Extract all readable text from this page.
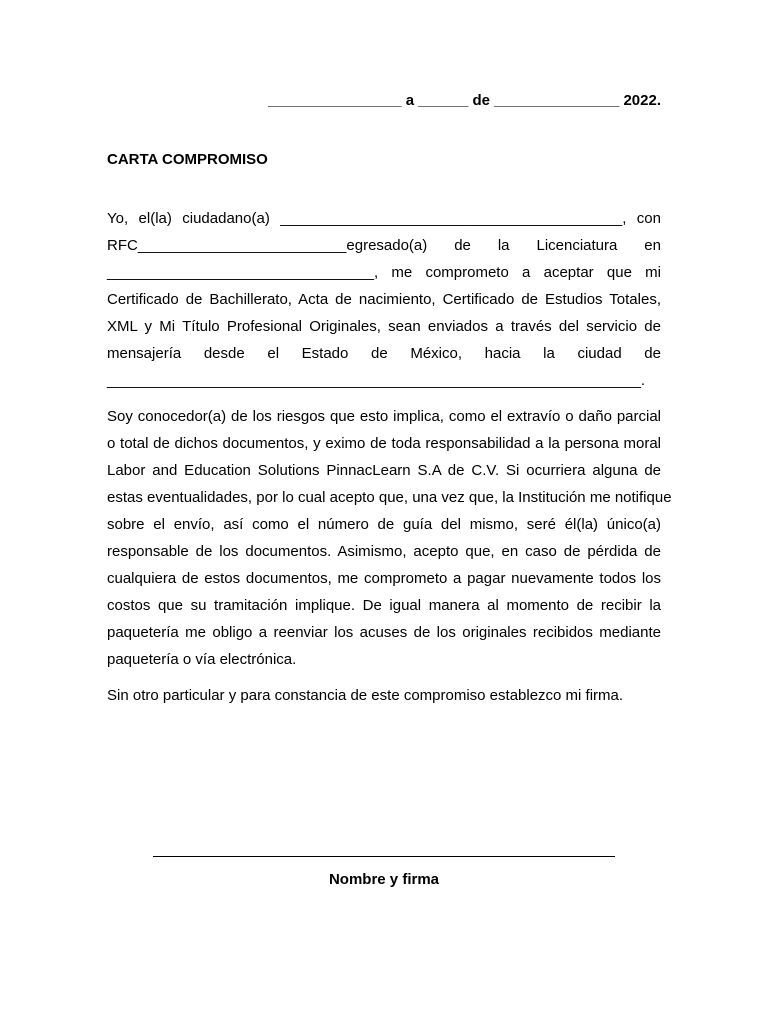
________________ a ______ de _______________ 2022.
CARTA COMPROMISO

Yo, el(la) ciudadano(a) _________________________________________, con
RFC_________________________egresado(a) de la Licenciatura en
________________________________, me comprometo a aceptar que mi
Certificado de Bachillerato, Acta de nacimiento, Certificado de Estudios Totales,
XML y Mi Título Profesional Originales, sean enviados a través del servicio de
mensajería desde el Estado de México, hacia la ciudad de
________________________________________________________________.

Soy conocedor(a) de los riesgos que esto implica, como el extravío o daño parcial
o total de dichos documentos, y eximo de toda responsabilidad a la persona moral
Labor and Education Solutions PinnacLearn S.A de C.V. Si ocurriera alguna de
estas eventualidades, por lo cual acepto que, una vez que, la Institución me notifique
sobre el envío, así como el número de guía del mismo, seré él(la) único(a)
responsable de los documentos. Asimismo, acepto que, en caso de pérdida de
cualquiera de estos documentos, me comprometo a pagar nuevamente todos los
costos que su tramitación implique. De igual manera al momento de recibir la
paquetería me obligo a reenviar los acuses de los originales recibidos mediante
paquetería o vía electrónica.

Sin otro particular y para constancia de este compromiso establezco mi firma.

Nombre y firma
